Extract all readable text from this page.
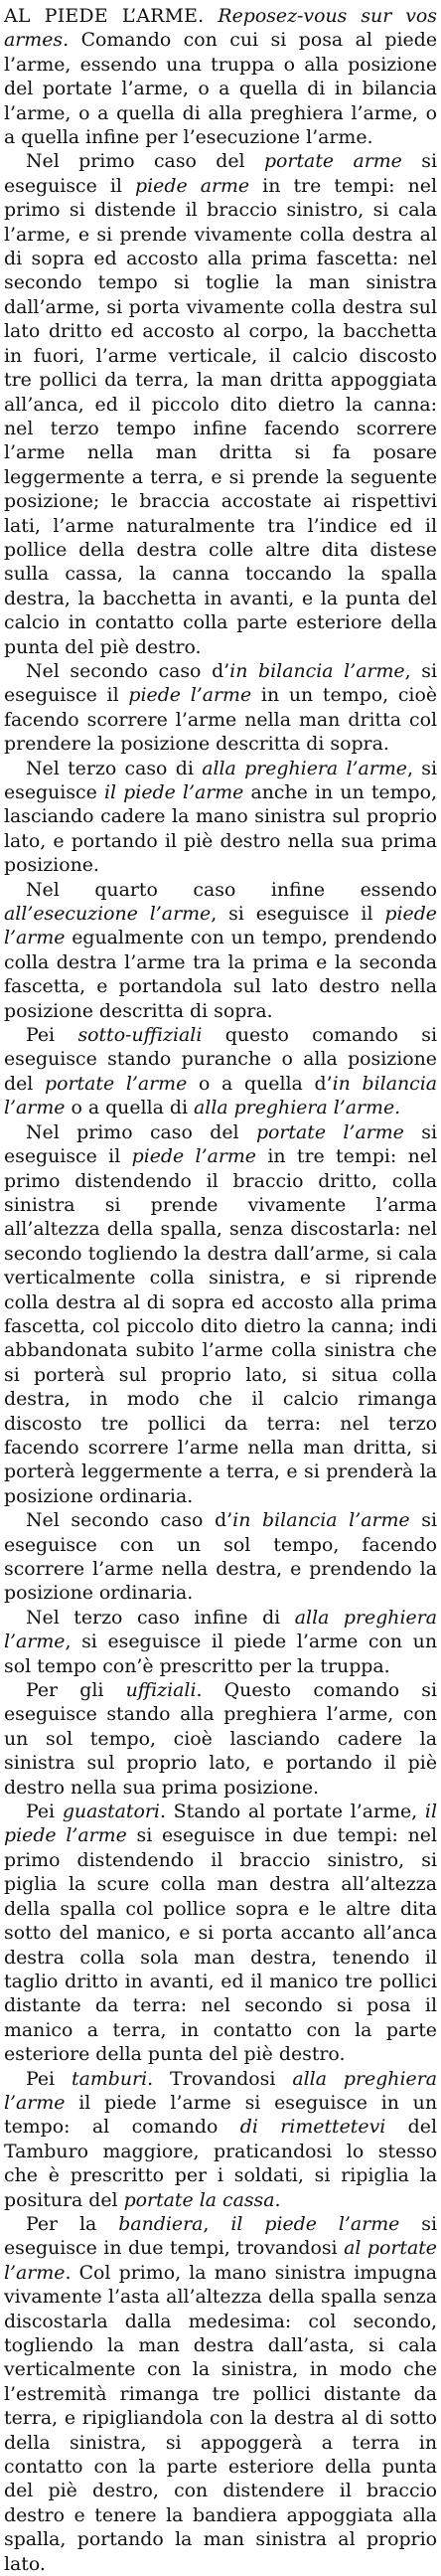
AL PIEDE L’ARME. Reposez-vous sur vos armes. Comando con cui si posa al piede l’arme, essendo una truppa o alla posizione del portate l’arme, o a quella di in bilancia l’arme, o a quella di alla preghiera l’arme, o a quella infine per l’esecuzione l’arme.

Nel primo caso del portate arme si eseguisce il piede arme in tre tempi: nel primo si distende il braccio sinistro, si cala l’arme, e si prende vivamente colla destra al di sopra ed accosto alla prima fascetta: nel secondo tempo si toglie la man sinistra dall’arme, si porta vivamente colla destra sul lato dritto ed accosto al corpo, la bacchetta in fuori, l’arme verticale, il calcio discosto tre pollici da terra, la man dritta appoggiata all’anca, ed il piccolo dito dietro la canna: nel terzo tempo infine facendo scorrere l’arme nella man dritta si fa posare leggermente a terra, e si prende la seguente posizione; le braccia accostate ai rispettivi lati, l’arme naturalmente tra l’indice ed il pollice della destra colle altre dita distese sulla cassa, la canna toccando la spalla destra, la bacchetta in avanti, e la punta del calcio in contatto colla parte esteriore della punta del piè destro.

Nel secondo caso d’in bilancia l’arme, si eseguisce il piede l’arme in un tempo, cioè facendo scorrere l’arme nella man dritta col prendere la posizione descritta di sopra.

Nel terzo caso di alla preghiera l’arme, si eseguisce il piede l’arme anche in un tempo, lasciando cadere la mano sinistra sul proprio lato, e portando il piè destro nella sua prima posizione.

Nel quarto caso infine essendo all’esecuzione l’arme, si eseguisce il piede l’arme egualmente con un tempo, prendendo colla destra l’arme tra la prima e la seconda fascetta, e portandola sul lato destro nella posizione descritta di sopra.

Pei sotto-uffiziali questo comando si eseguisce stando puranche o alla posizione del portate l’arme o a quella d’in bilancia l’arme o a quella di alla preghiera l’arme.

Nel primo caso del portate l’arme si eseguisce il piede l’arme in tre tempi: nel primo distendendo il braccio dritto, colla sinistra si prende vivamente l’arma all’altezza della spalla, senza discostarla: nel secondo togliendo la destra dall’arme, si cala verticalmente colla sinistra, e si riprende colla destra al di sopra ed accosto alla prima fascetta, col piccolo dito dietro la canna; indi abbandonata subito l’arme colla sinistra che si porterà sul proprio lato, si situa colla destra, in modo che il calcio rimanga discosto tre pollici da terra: nel terzo facendo scorrere l’arme nella man dritta, si porterà leggermente a terra, e si prenderà la posizione ordinaria.

Nel secondo caso d’in bilancia l’arme si eseguisce con un sol tempo, facendo scorrere l’arme nella destra, e prendendo la posizione ordinaria.

Nel terzo caso infine di alla preghiera l’arme, si eseguisce il piede l’arme con un sol tempo con’è prescritto per la truppa.

Per gli uffiziali. Questo comando si eseguisce stando alla preghiera l’arme, con un sol tempo, cioè lasciando cadere la sinistra sul proprio lato, e portando il piè destro nella sua prima posizione.

Pei guastatori. Stando al portate l’arme, il piede l’arme si eseguisce in due tempi: nel primo distendendo il braccio sinistro, si piglia la scure colla man destra all’altezza della spalla col pollice sopra e le altre dita sotto del manico, e si porta accanto all’anca destra colla sola man destra, tenendo il taglio dritto in avanti, ed il manico tre pollici distante da terra: nel secondo si posa il manico a terra, in contatto con la parte esteriore della punta del piè destro.

Pei tamburi. Trovandosi alla preghiera l’arme il piede l’arme si eseguisce in un tempo: al comando di rimettetevi del Tamburo maggiore, praticandosi lo stesso che è prescritto per i soldati, si ripiglia la positura del portate la cassa.

Per la bandiera, il piede l’arme si eseguisce in due tempi, trovandosi al portate l’arme. Col primo, la mano sinistra impugna vivamente l’asta all’altezza della spalla senza discostarla dalla medesima: col secondo, togliendo la man destra dall’asta, si cala verticalmente con la sinistra, in modo che l’estremità rimanga tre pollici distante da terra, e ripigliandola con la destra al di sotto della sinistra, si appoggerà a terra in contatto con la parte esteriore della punta del piè destro, con distendere il braccio destro e tenere la bandiera appoggiata alla spalla, portando la man sinistra al proprio lato.
